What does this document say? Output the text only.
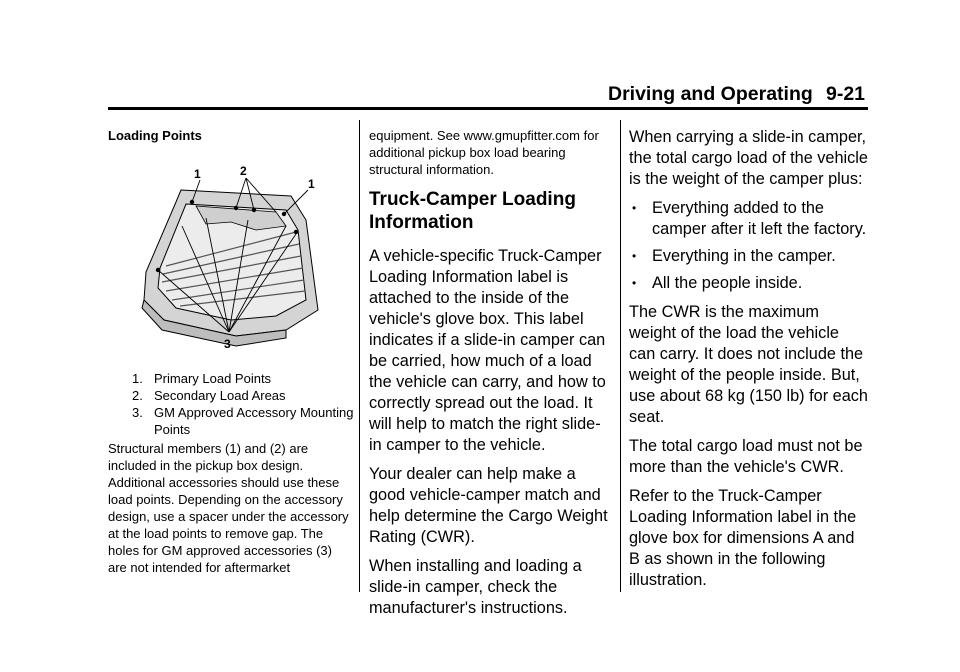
Driving and Operating 9-21

Loading Points

1	2
1
3
1. Primary Load Points
2. Secondary Load Areas
3. GM Approved Accessory Mounting Points

Structural members (1) and (2) are included in the pickup box design. Additional accessories should use these load points. Depending on the accessory design, use a spacer under the accessory at the load points to remove gap. The holes for GM approved accessories (3) are not intended for aftermarket

equipment. See www.gmupfitter.com for additional pickup box load bearing structural information.

Truck-Camper Loading Information

A vehicle-specific Truck-Camper Loading Information label is attached to the inside of the vehicle's glove box. This label indicates if a slide-in camper can be carried, how much of a load the vehicle can carry, and how to correctly spread out the load. It will help to match the right slide-in camper to the vehicle.

Your dealer can help make a good vehicle-camper match and help determine the Cargo Weight Rating (CWR).

When installing and loading a slide-in camper, check the manufacturer's instructions.

When carrying a slide-in camper, the total cargo load of the vehicle is the weight of the camper plus:

• Everything added to the camper after it left the factory.
• Everything in the camper.
• All the people inside.

The CWR is the maximum weight of the load the vehicle can carry. It does not include the weight of the people inside. But, use about 68 kg (150 lb) for each seat.

The total cargo load must not be more than the vehicle's CWR.

Refer to the Truck-Camper Loading Information label in the glove box for dimensions A and B as shown in the following illustration.
